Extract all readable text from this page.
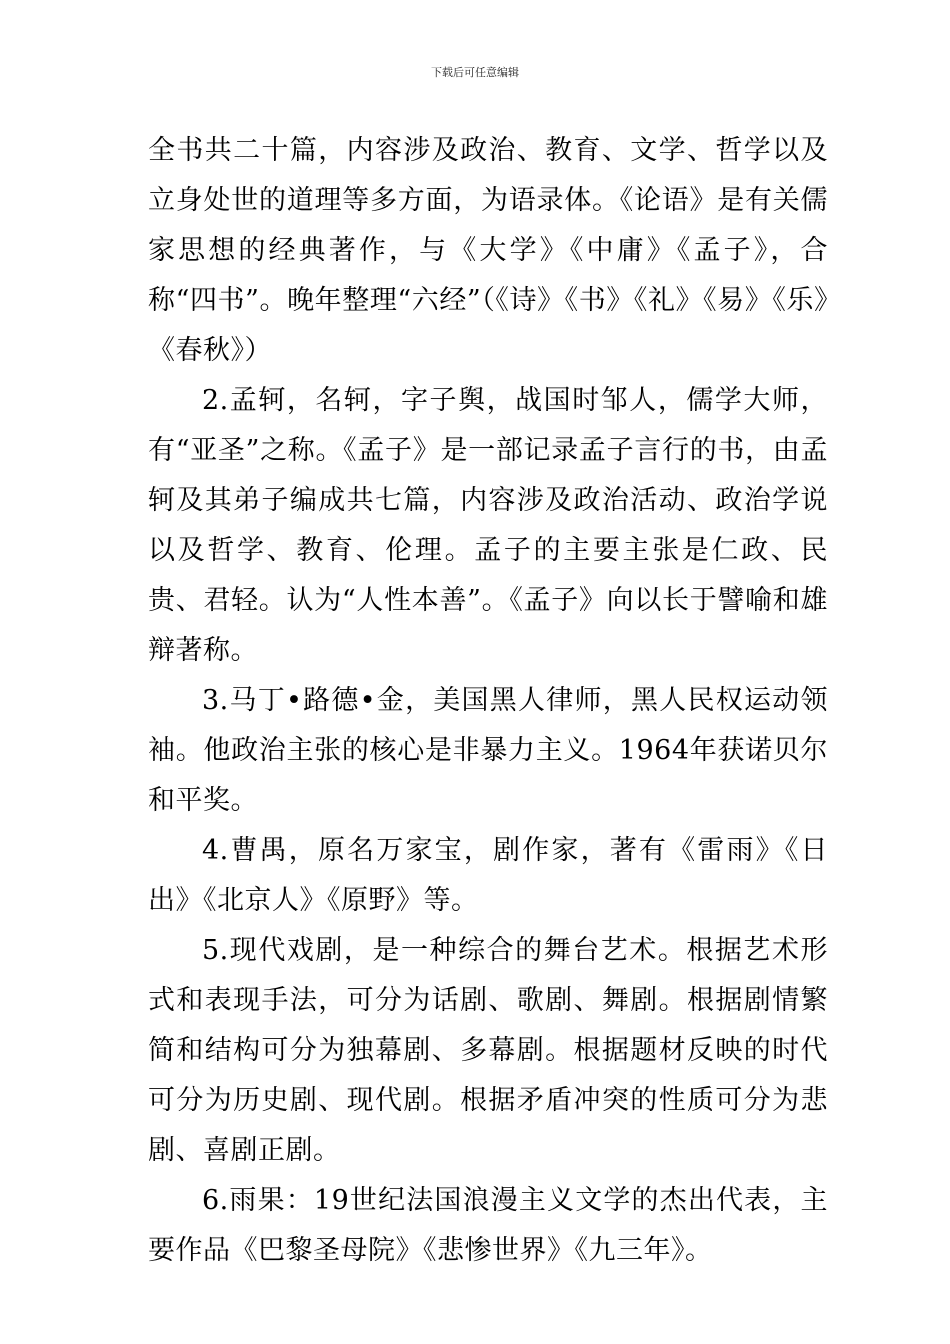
下载后可任意编辑

全书共二十篇，内容涉及政治、教育、文学、哲学以及立身处世的道理等多方面，为语录体。《论语》是有关儒家思想的经典著作，与《大学》《中庸》《孟子》，合称“四书”。晚年整理“六经”（《诗》《书》《礼》《易》《乐》《春秋》）

2.孟轲，名轲，字子舆，战国时邹人，儒学大师，有“亚圣”之称。《孟子》是一部记录孟子言行的书，由孟轲及其弟子编成共七篇，内容涉及政治活动、政治学说以及哲学、教育、伦理。孟子的主要主张是仁政、民贵、君轻。认为“人性本善”。《孟子》向以长于譬喻和雄辩著称。

3.马丁•路德•金，美国黑人律师，黑人民权运动领袖。他政治主张的核心是非暴力主义。1964年获诺贝尔和平奖。

4.曹禺，原名万家宝，剧作家，著有《雷雨》《日出》《北京人》《原野》等。

5.现代戏剧，是一种综合的舞台艺术。根据艺术形式和表现手法，可分为话剧、歌剧、舞剧。根据剧情繁简和结构可分为独幕剧、多幕剧。根据题材反映的时代可分为历史剧、现代剧。根据矛盾冲突的性质可分为悲剧、喜剧正剧。

6.雨果：19世纪法国浪漫主义文学的杰出代表，主要作品《巴黎圣母院》《悲惨世界》《九三年》。
